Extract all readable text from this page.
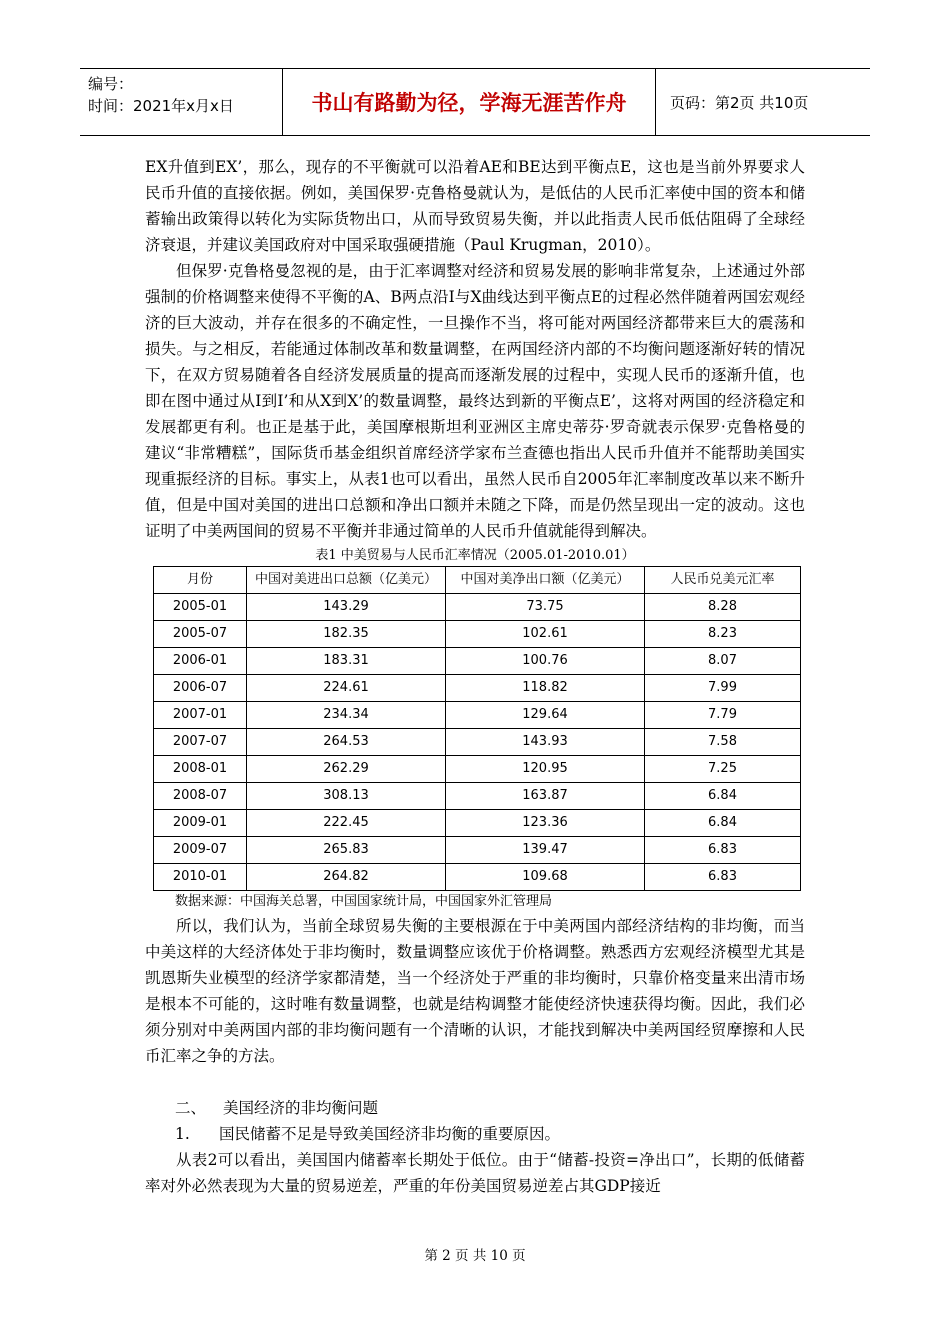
编号：
时间：2021年x月x日	书山有路勤为径，学海无涯苦作舟	页码：第2页 共10页

EX升值到EX’，那么，现存的不平衡就可以沿着AE和BE达到平衡点E，这也是当前外界要求人民币升值的直接依据。例如，美国保罗·克鲁格曼就认为，是低估的人民币汇率使中国的资本和储蓄输出政策得以转化为实际货物出口，从而导致贸易失衡，并以此指责人民币低估阻碍了全球经济衰退，并建议美国政府对中国采取强硬措施（Paul Krugman，2010）。

但保罗·克鲁格曼忽视的是，由于汇率调整对经济和贸易发展的影响非常复杂，上述通过外部强制的价格调整来使得不平衡的A、B两点沿I与X曲线达到平衡点E的过程必然伴随着两国宏观经济的巨大波动，并存在很多的不确定性，一旦操作不当，将可能对两国经济都带来巨大的震荡和损失。与之相反，若能通过体制改革和数量调整，在两国经济内部的不均衡问题逐渐好转的情况下，在双方贸易随着各自经济发展质量的提高而逐渐发展的过程中，实现人民币的逐渐升值，也即在图中通过从I到I’和从X到X’的数量调整，最终达到新的平衡点E’，这将对两国的经济稳定和发展都更有利。也正是基于此，美国摩根斯坦利亚洲区主席史蒂芬·罗奇就表示保罗·克鲁格曼的建议“非常糟糕”，国际货币基金组织首席经济学家布兰查德也指出人民币升值并不能帮助美国实现重振经济的目标。事实上，从表1也可以看出，虽然人民币自2005年汇率制度改革以来不断升值，但是中国对美国的进出口总额和净出口额并未随之下降，而是仍然呈现出一定的波动。这也证明了中美两国间的贸易不平衡并非通过简单的人民币升值就能得到解决。

表1 中美贸易与人民币汇率情况（2005.01-2010.01）

月份	中国对美进出口总额（亿美元）	中国对美净出口额（亿美元）	人民币兑美元汇率
2005-01	143.29	73.75	8.28
2005-07	182.35	102.61	8.23
2006-01	183.31	100.76	8.07
2006-07	224.61	118.82	7.99
2007-01	234.34	129.64	7.79
2007-07	264.53	143.93	7.58
2008-01	262.29	120.95	7.25
2008-07	308.13	163.87	6.84
2009-01	222.45	123.36	6.84
2009-07	265.83	139.47	6.83
2010-01	264.82	109.68	6.83

数据来源：中国海关总署，中国国家统计局，中国国家外汇管理局

所以，我们认为，当前全球贸易失衡的主要根源在于中美两国内部经济结构的非均衡，而当中美这样的大经济体处于非均衡时，数量调整应该优于价格调整。熟悉西方宏观经济模型尤其是凯恩斯失业模型的经济学家都清楚，当一个经济处于严重的非均衡时，只靠价格变量来出清市场是根本不可能的，这时唯有数量调整，也就是结构调整才能使经济快速获得均衡。因此，我们必须分别对中美两国内部的非均衡问题有一个清晰的认识，才能找到解决中美两国经贸摩擦和人民币汇率之争的方法。

二、 美国经济的非均衡问题

1. 国民储蓄不足是导致美国经济非均衡的重要原因。

从表2可以看出，美国国内储蓄率长期处于低位。由于“储蓄-投资=净出口”，长期的低储蓄率对外必然表现为大量的贸易逆差，严重的年份美国贸易逆差占其GDP接近

第 2 页 共 10 页
